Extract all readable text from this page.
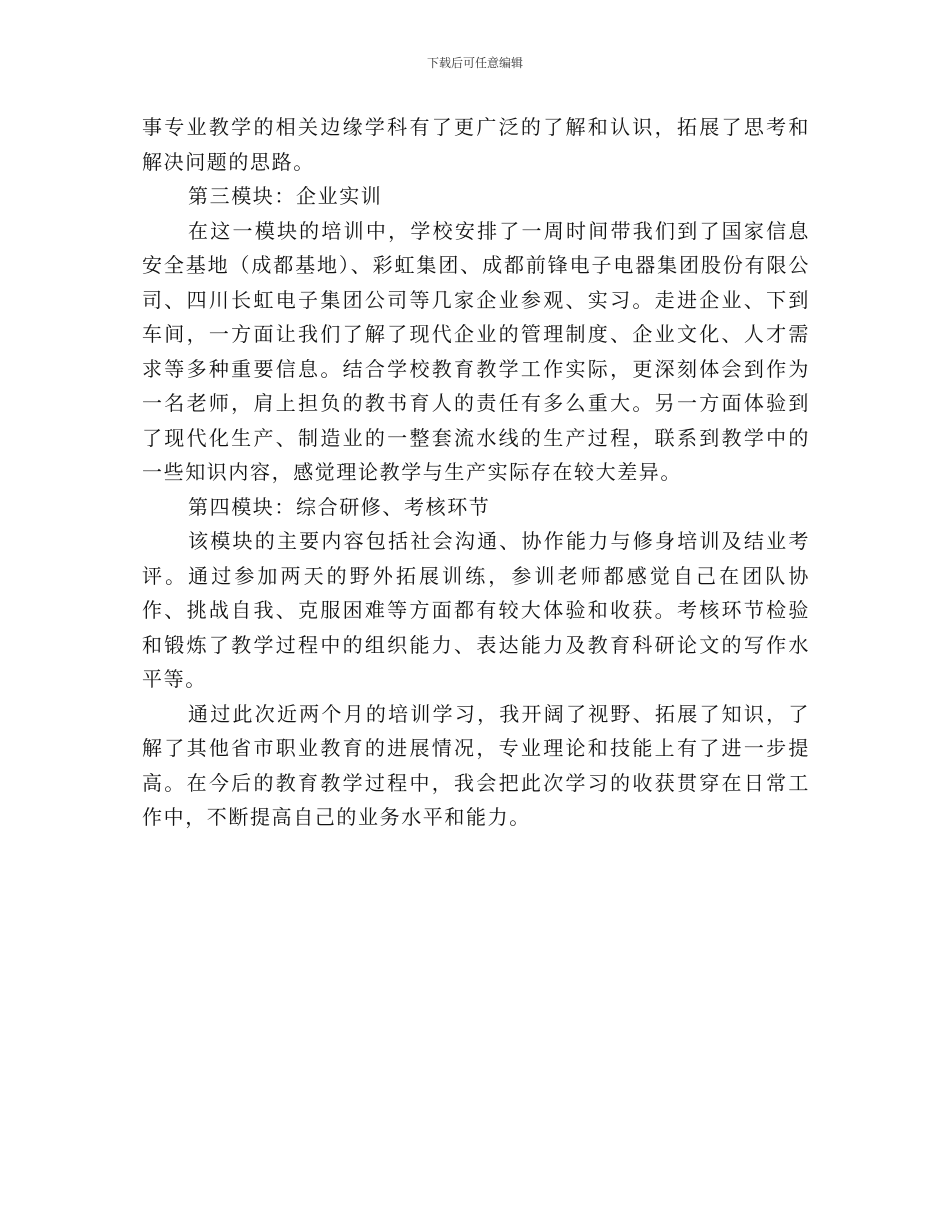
下载后可任意编辑

事专业教学的相关边缘学科有了更广泛的了解和认识，拓展了思考和解决问题的思路。

第三模块：企业实训

在这一模块的培训中，学校安排了一周时间带我们到了国家信息安全基地（成都基地）、彩虹集团、成都前锋电子电器集团股份有限公司、四川长虹电子集团公司等几家企业参观、实习。走进企业、下到车间，一方面让我们了解了现代企业的管理制度、企业文化、人才需求等多种重要信息。结合学校教育教学工作实际，更深刻体会到作为一名老师，肩上担负的教书育人的责任有多么重大。另一方面体验到了现代化生产、制造业的一整套流水线的生产过程，联系到教学中的一些知识内容，感觉理论教学与生产实际存在较大差异。

第四模块：综合研修、考核环节

该模块的主要内容包括社会沟通、协作能力与修身培训及结业考评。通过参加两天的野外拓展训练，参训老师都感觉自己在团队协作、挑战自我、克服困难等方面都有较大体验和收获。考核环节检验和锻炼了教学过程中的组织能力、表达能力及教育科研论文的写作水平等。

通过此次近两个月的培训学习，我开阔了视野、拓展了知识，了解了其他省市职业教育的进展情况，专业理论和技能上有了进一步提高。在今后的教育教学过程中，我会把此次学习的收获贯穿在日常工作中，不断提高自己的业务水平和能力。
